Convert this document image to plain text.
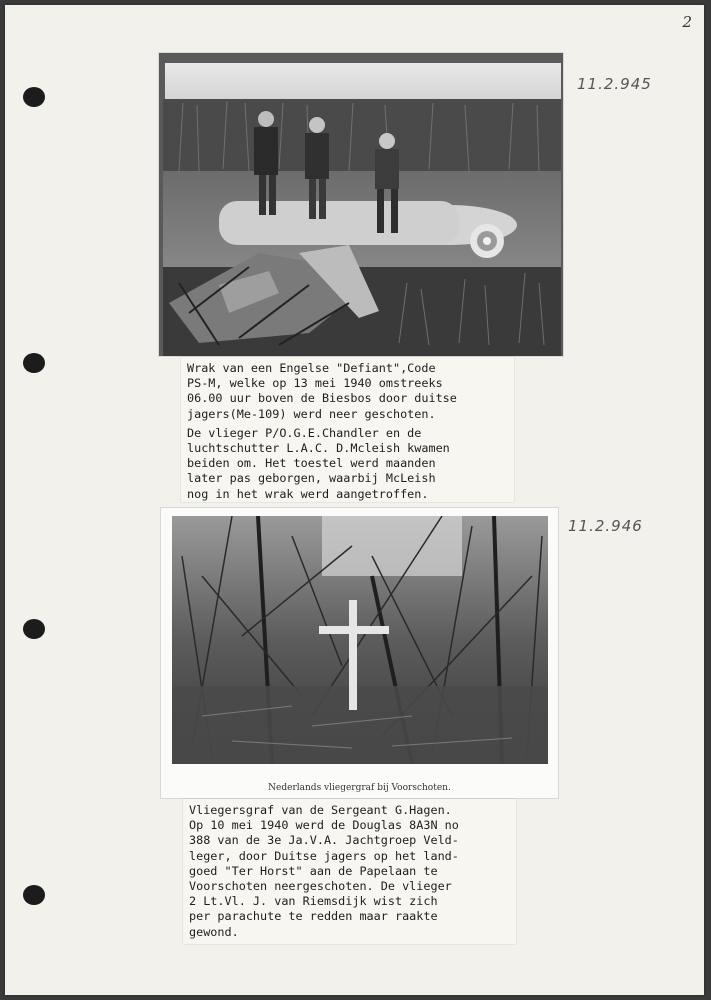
2
11.2.945
11.2.946

Wrak van een Engelse "Defiant",Code

PS-M, welke op 13 mei 1940 omstreeks

06.00 uur boven de Biesbos door duitse

jagers(Me-109) werd neer geschoten.

De vlieger P/O.G.E.Chandler en de

luchtschutter L.A.C. D.Mcleish kwamen

beiden om. Het toestel werd maanden

later pas geborgen, waarbij McLeish

nog in het wrak werd aangetroffen.

Nederlands vliegergraf bij Voorschoten.

Vliegersgraf van de Sergeant G.Hagen.

Op 10 mei 1940 werd de Douglas 8A3N no

388 van de 3e Ja.V.A. Jachtgroep Veld-

leger, door Duitse jagers op het land-

goed "Ter Horst" aan de Papelaan te

Voorschoten neergeschoten. De vlieger

2 Lt.Vl. J. van Riemsdijk wist zich

per parachute te redden maar raakte

gewond.
